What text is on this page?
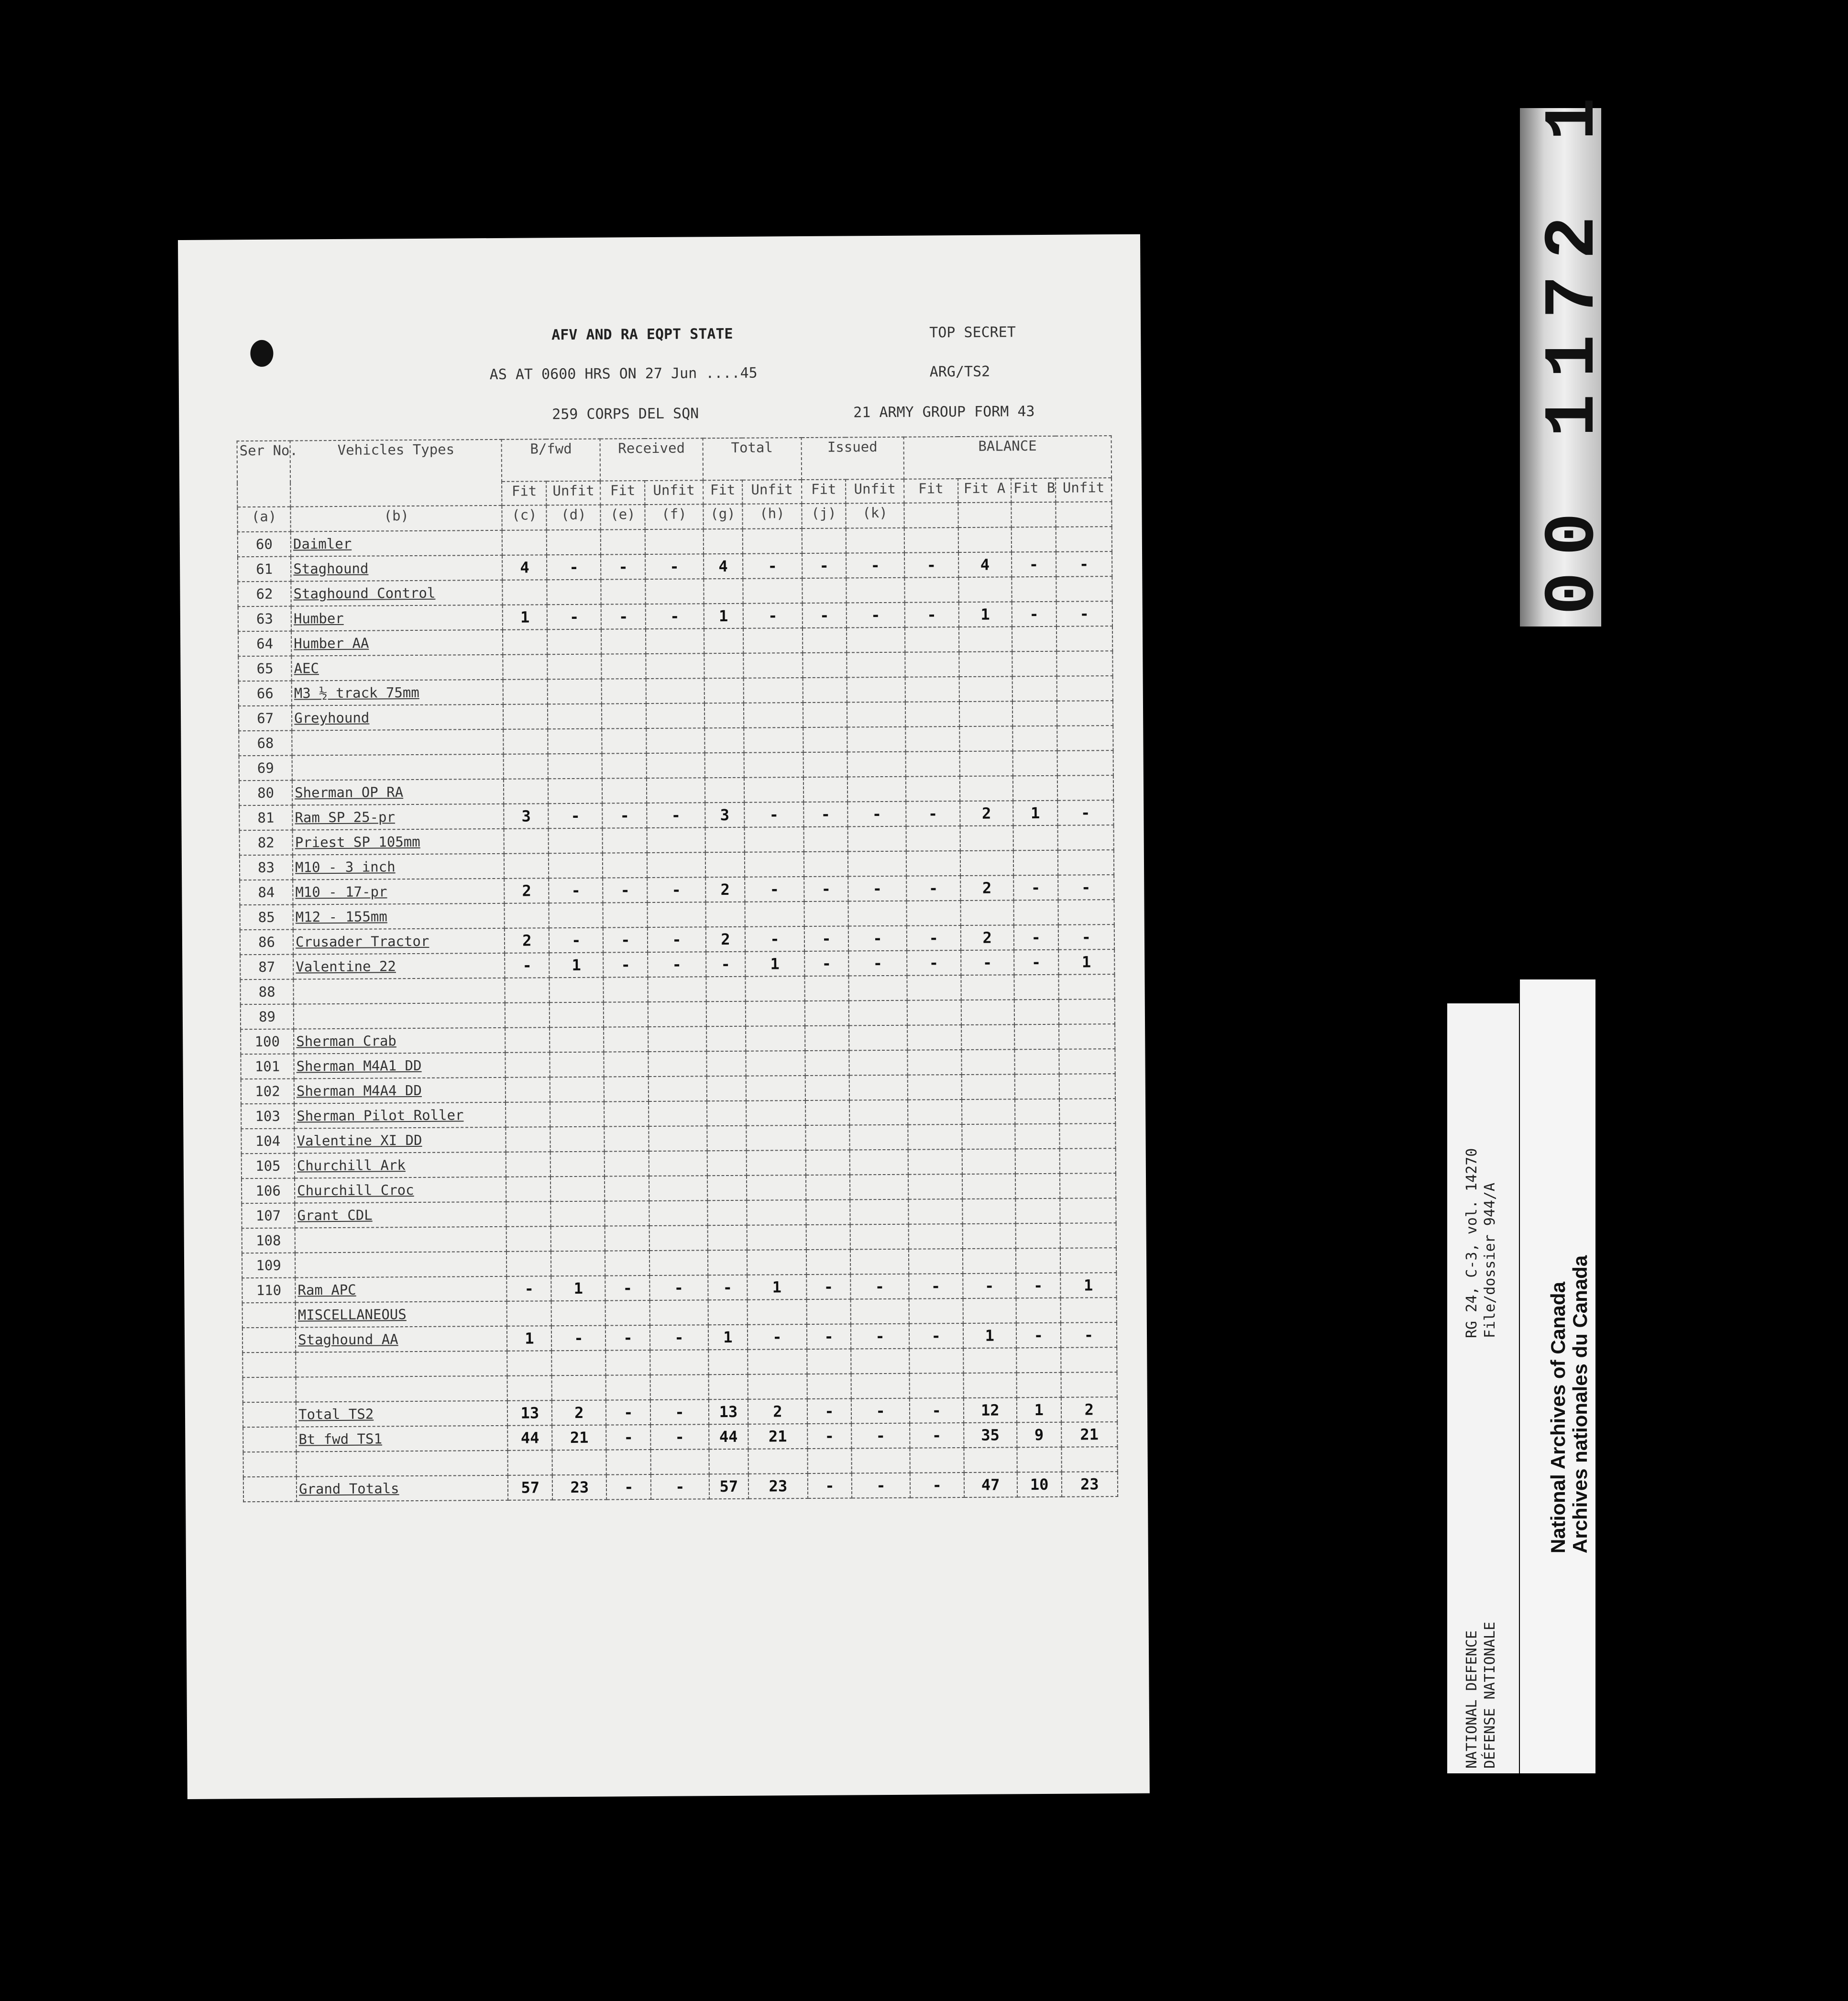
AFV AND RA EQPT STATE
AS AT 0600 HRS ON 27 Jun ....45
TOP SECRET
ARG/TS2
259 CORPS DEL SQN	21 ARMY GROUP FORM 43
Ser No.	Vehicles Types	B/fwd		Received		Total		Issued		BALANCE			
		Fit	Unfit	Fit	Unfit	Fit	Unfit	Fit	Unfit	Fit	Fit A	Fit B	Unfit
(a)	(b)	(c)	(d)	(e)	(f)	(g)	(h)	(j)	(k)				
60	Daimler												
61	Staghound	4	-	-	-	4	-	-	-	-	4	-	-
62	Staghound Control												
63	Humber	1	-	-	-	1	-	-	-	-	1	-	-
64	Humber AA												
65	AEC												
66	M3 ½ track 75mm												
67	Greyhound												
68													
69													
80	Sherman OP RA												
81	Ram SP 25-pr	3	-	-	-	3	-	-	-	-	2	1	-
82	Priest SP 105mm												
83	M10 - 3 inch												
84	M10 - 17-pr	2	-	-	-	2	-	-	-	-	2	-	-
85	M12 - 155mm												
86	Crusader Tractor	2	-	-	-	2	-	-	-	-	2	-	-
87	Valentine 22	-	1	-	-	-	1	-	-	-	-	-	1
88													
89													
100	Sherman Crab												
101	Sherman M4A1 DD												
102	Sherman M4A4 DD												
103	Sherman Pilot Roller												
104	Valentine XI DD												
105	Churchill Ark												
106	Churchill Croc												
107	Grant CDL												
108													
109													
110	Ram APC	-	1	-	-	-	1	-	-	-	-	-	1
	MISCELLANEOUS												
	Staghound AA	1	-	-	-	1	-	-	-	-	1	-	-

	Total TS2	13	2	-	-	13	2	-	-	-	12	1	2
	Bt fwd TS1	44	21	-	-	44	21	-	-	-	35	9	21

	Grand Totals	57	23	-	-	57	23	-	-	-	47	10	23
00 1172 1
NATIONAL DEFENCE DÉFENSE NATIONALE
RG 24, C-3, vol. 14270 File/dossier 944/A
National Archives of Canada Archives nationales du Canada
